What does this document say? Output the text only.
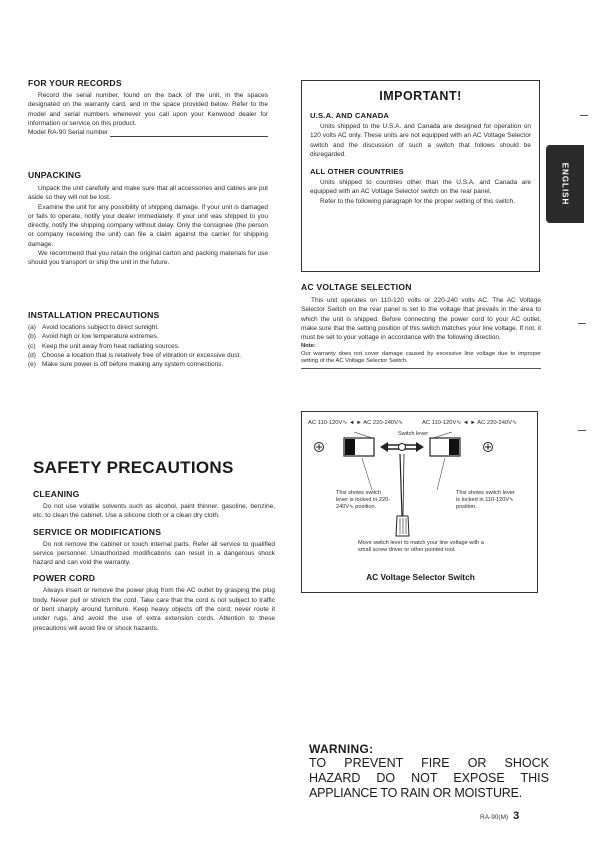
FOR YOUR RECORDS

Record the serial number, found on the back of the unit, in the spaces designated on the warranty card, and in the space provided below. Refer to the model and serial numbers whenever you call upon your Kenwood dealer for information or service on this product.

Model RA-90 Serial number
UNPACKING

Unpack the unit carefully and make sure that all accessories and cables are put aside so they will not be lost.

Examine the unit for any possibility of shipping damage. If your unit is damaged or fails to operate, notify your dealer immediately. If your unit was shipped to you directly, notify the shipping company without delay. Only the consignee (the person or company receiving the unit) can file a claim against the carrier for shipping damage.

We recommend that you retain the original carton and packing materials for use should you transport or ship the unit in the future.

INSTALLATION PRECAUTIONS
(a) Avoid locations subject to direct sunlight.
(b) Avoid high or low temperature extremes.
(c) Keep the unit away from heat radiating sources.
(d) Choose a location that is relatively free of vibration or excessive dust.
(e) Make sure power is off before making any system connections.
SAFETY PRECAUTIONS
CLEANING

Do not use volatile solvents such as alcohol, paint thinner, gasoline, benzine, etc. to clean the cabinet. Use a silicone cloth or a clean dry cloth.

SERVICE OR MODIFICATIONS

Do not remove the cabinet or touch internal parts. Refer all service to qualified service personnel. Unauthorized modifications can result in a dangerous shock hazard and can void the warranty.

POWER CORD

Always insert or remove the power plug from the AC outlet by grasping the plug body. Never pull or stretch the cord. Take care that the cord is not subject to traffic or bent sharply around furniture. Keep heavy objects off the cord; never route it under rugs, and avoid the use of extra extension cords. Attention to these precautions will avoid fire or shock hazards.

IMPORTANT!
U.S.A. AND CANADA

Units shipped to the U.S.A. and Canada are designed for operation on 120 volts AC only. These units are not equipped with an AC Voltage Selector switch and the discussion of such a switch that follows should be disregarded.

ALL OTHER COUNTRIES

Units shipped to countries other than the U.S.A. and Canada are equipped with an AC Voltage Selector switch on the rear panel.

Refer to the following paragraph for the proper setting of this switch.	ENGLISH
AC VOLTAGE SELECTION

This unit operates on 110-120 volts or 220-240 volts AC. The AC Voltage Selector Switch on the rear panel is set to the voltage that prevails in the area to which the unit is shipped. Before connecting the power cord to your AC outlet, make sure that the setting position of this switch matches your line voltage. If not, it must be set to your voltage in accordance with the following direction.

Note:
Our warranty does not cover damage caused by excessive line voltage due to improper setting of the AC Voltage Selector Switch.
AC 110-120V∿ ◄ ► AC 220-240V∿	AC 110-120V∿ ◄ ► AC 220-240V∿
Switch lever
This shows switch lever is locked in 220-240V∿ position.
This shows switch lever is locked in 110-120V∿ position.
Move switch lever to match your line voltage with a small screw driver or other pointed tool.
AC Voltage Selector Switch
WARNING:
TO PREVENT FIRE OR SHOCK
HAZARD DO NOT EXPOSE THIS
APPLIANCE TO RAIN OR MOISTURE.
RA-90(M) 3
